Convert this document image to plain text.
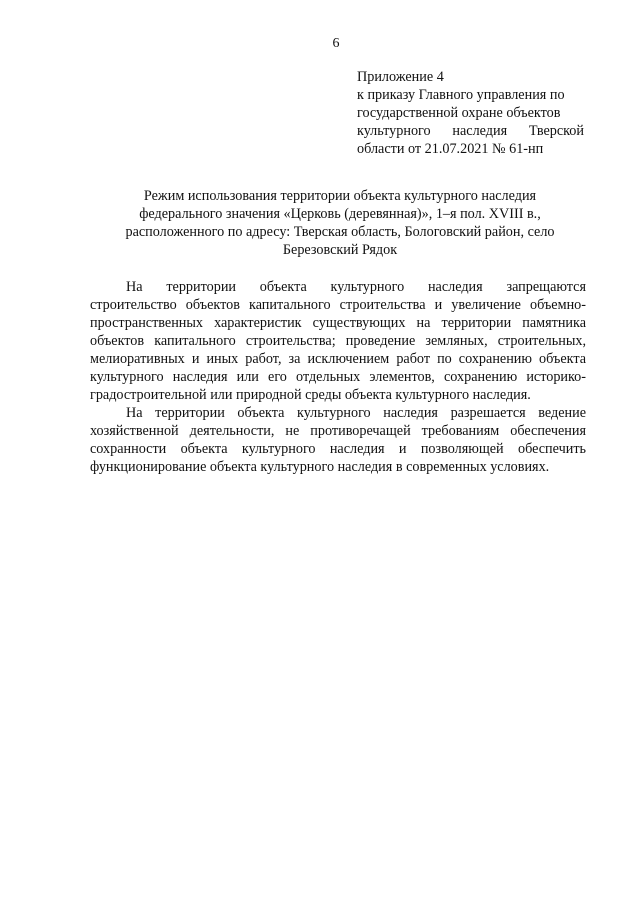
6
Приложение 4
к приказу Главного управления по
государственной охране объектов
культурного наследия Тверской
области от 21.07.2021 № 61-нп
Режим использования территории объекта культурного наследия
федерального значения «Церковь (деревянная)», 1–я пол. XVIII в.,
расположенного по адресу: Тверская область, Бологовский район, село
Березовский Рядок
На территории объекта культурного наследия запрещаются
строительство объектов капитального строительства и увеличение объемно-
пространственных характеристик существующих на территории памятника
объектов капитального строительства; проведение земляных, строительных,
мелиоративных и иных работ, за исключением работ по сохранению объекта
культурного наследия или его отдельных элементов, сохранению историко-
градостроительной или природной среды объекта культурного наследия.
На территории объекта культурного наследия разрешается ведение
хозяйственной деятельности, не противоречащей требованиям обеспечения
сохранности объекта культурного наследия и позволяющей обеспечить
функционирование объекта культурного наследия в современных условиях.
